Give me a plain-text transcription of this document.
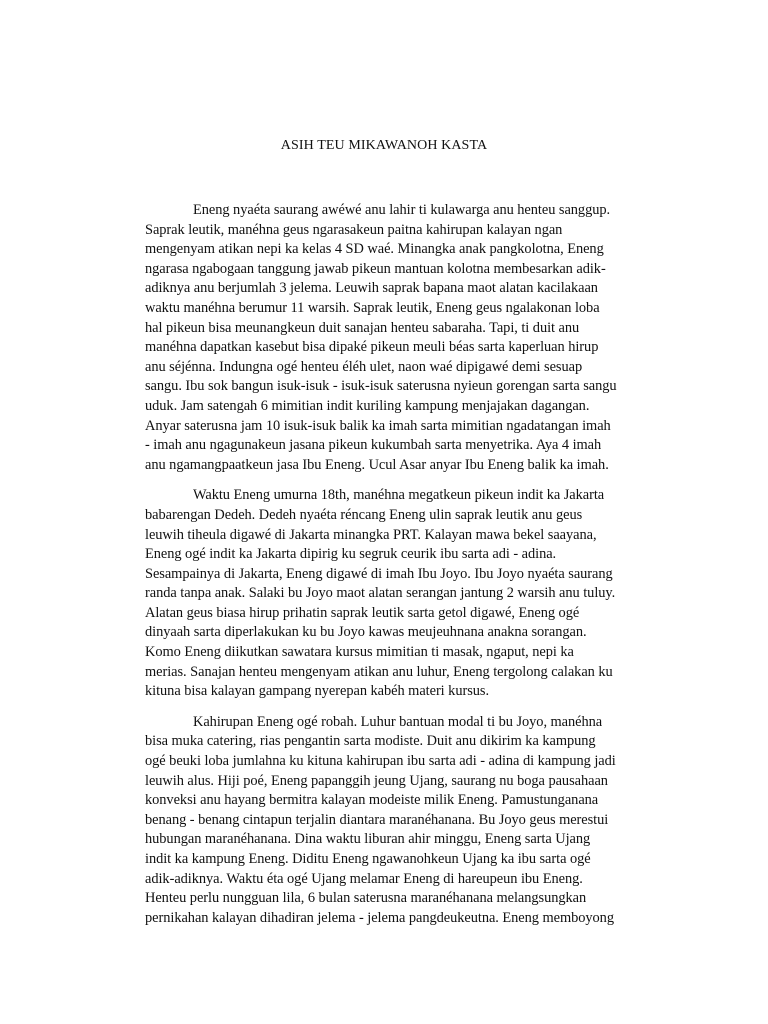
ASIH TEU MIKAWANOH KASTA
Eneng nyaéta saurang awéwé anu lahir ti kulawarga anu henteu sanggup.
Saprak leutik, manéhna geus ngarasakeun paitna kahirupan kalayan ngan
mengenyam atikan nepi ka kelas 4 SD waé. Minangka anak pangkolotna, Eneng
ngarasa ngabogaan tanggung jawab pikeun mantuan kolotna membesarkan adik-
adiknya anu berjumlah 3 jelema. Leuwih saprak bapana maot alatan kacilakaan
waktu manéhna berumur 11 warsih. Saprak leutik, Eneng geus ngalakonan loba
hal pikeun bisa meunangkeun duit sanajan henteu sabaraha. Tapi, ti duit anu
manéhna dapatkan kasebut bisa dipaké pikeun meuli béas sarta kaperluan hirup
anu séjénna. Indungna ogé henteu éléh ulet, naon waé dipigawé demi sesuap
sangu. Ibu sok bangun isuk-isuk - isuk-isuk saterusna nyieun gorengan sarta sangu
uduk. Jam satengah 6 mimitian indit kuriling kampung menjajakan dagangan.
Anyar saterusna jam 10 isuk-isuk balik ka imah sarta mimitian ngadatangan imah
- imah anu ngagunakeun jasana pikeun kukumbah sarta menyetrika. Aya 4 imah
anu ngamangpaatkeun jasa Ibu Eneng. Ucul Asar anyar Ibu Eneng balik ka imah.
Waktu Eneng umurna 18th, manéhna megatkeun pikeun indit ka Jakarta
babarengan Dedeh. Dedeh nyaéta réncang Eneng ulin saprak leutik anu geus
leuwih tiheula digawé di Jakarta minangka PRT. Kalayan mawa bekel saayana,
Eneng ogé indit ka Jakarta dipirig ku segruk ceurik ibu sarta adi - adina.
Sesampainya di Jakarta, Eneng digawé di imah Ibu Joyo. Ibu Joyo nyaéta saurang
randa tanpa anak. Salaki bu Joyo maot alatan serangan jantung 2 warsih anu tuluy.
Alatan geus biasa hirup prihatin saprak leutik sarta getol digawé, Eneng ogé
dinyaah sarta diperlakukan ku bu Joyo kawas meujeuhnana anakna sorangan.
Komo Eneng diikutkan sawatara kursus mimitian ti masak, ngaput, nepi ka
merias. Sanajan henteu mengenyam atikan anu luhur, Eneng tergolong calakan ku
kituna bisa kalayan gampang nyerepan kabéh materi kursus.
Kahirupan Eneng ogé robah. Luhur bantuan modal ti bu Joyo, manéhna
bisa muka catering, rias pengantin sarta modiste. Duit anu dikirim ka kampung
ogé beuki loba jumlahna ku kituna kahirupan ibu sarta adi - adina di kampung jadi
leuwih alus. Hiji poé, Eneng papanggih jeung Ujang, saurang nu boga pausahaan
konveksi anu hayang bermitra kalayan modeiste milik Eneng. Pamustunganana
benang - benang cintapun terjalin diantara maranéhanana. Bu Joyo geus merestui
hubungan maranéhanana. Dina waktu liburan ahir minggu, Eneng sarta Ujang
indit ka kampung Eneng. Diditu Eneng ngawanohkeun Ujang ka ibu sarta ogé
adik-adiknya. Waktu éta ogé Ujang melamar Eneng di hareupeun ibu Eneng.
Henteu perlu nungguan lila, 6 bulan saterusna maranéhanana melangsungkan
pernikahan kalayan dihadiran jelema - jelema pangdeukeutna. Eneng memboyong
